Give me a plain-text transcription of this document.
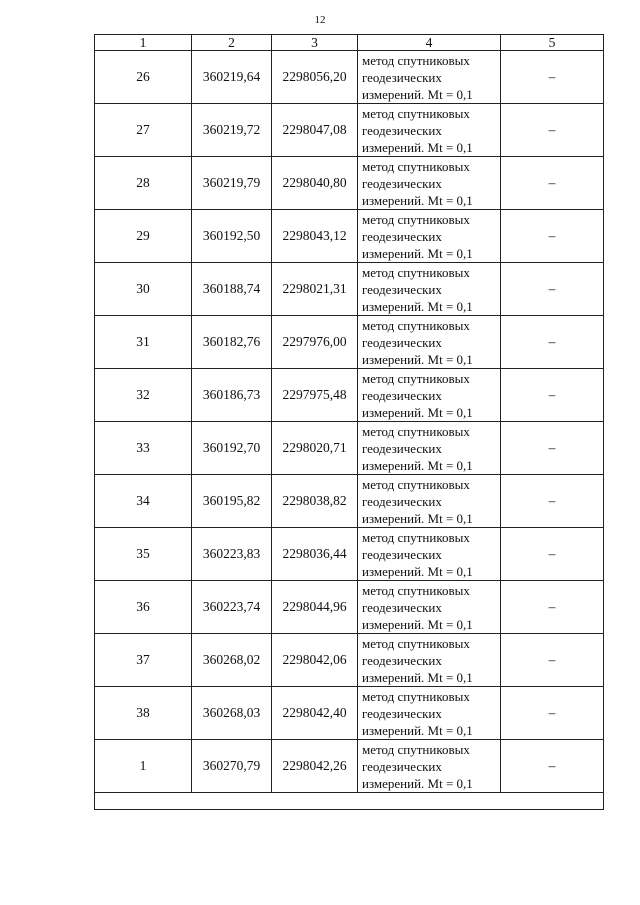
12
1	2	3	4	5
26	360219,64	2298056,20	метод спутниковых
геодезических
измерений. Mt = 0,1	–
27	360219,72	2298047,08	метод спутниковых
геодезических
измерений. Mt = 0,1	–
28	360219,79	2298040,80	метод спутниковых
геодезических
измерений. Mt = 0,1	–
29	360192,50	2298043,12	метод спутниковых
геодезических
измерений. Mt = 0,1	–
30	360188,74	2298021,31	метод спутниковых
геодезических
измерений. Mt = 0,1	–
31	360182,76	2297976,00	метод спутниковых
геодезических
измерений. Mt = 0,1	–
32	360186,73	2297975,48	метод спутниковых
геодезических
измерений. Mt = 0,1	–
33	360192,70	2298020,71	метод спутниковых
геодезических
измерений. Mt = 0,1	–
34	360195,82	2298038,82	метод спутниковых
геодезических
измерений. Mt = 0,1	–
35	360223,83	2298036,44	метод спутниковых
геодезических
измерений. Mt = 0,1	–
36	360223,74	2298044,96	метод спутниковых
геодезических
измерений. Mt = 0,1	–
37	360268,02	2298042,06	метод спутниковых
геодезических
измерений. Mt = 0,1	–
38	360268,03	2298042,40	метод спутниковых
геодезических
измерений. Mt = 0,1	–
1	360270,79	2298042,26	метод спутниковых
геодезических
измерений. Mt = 0,1	–
